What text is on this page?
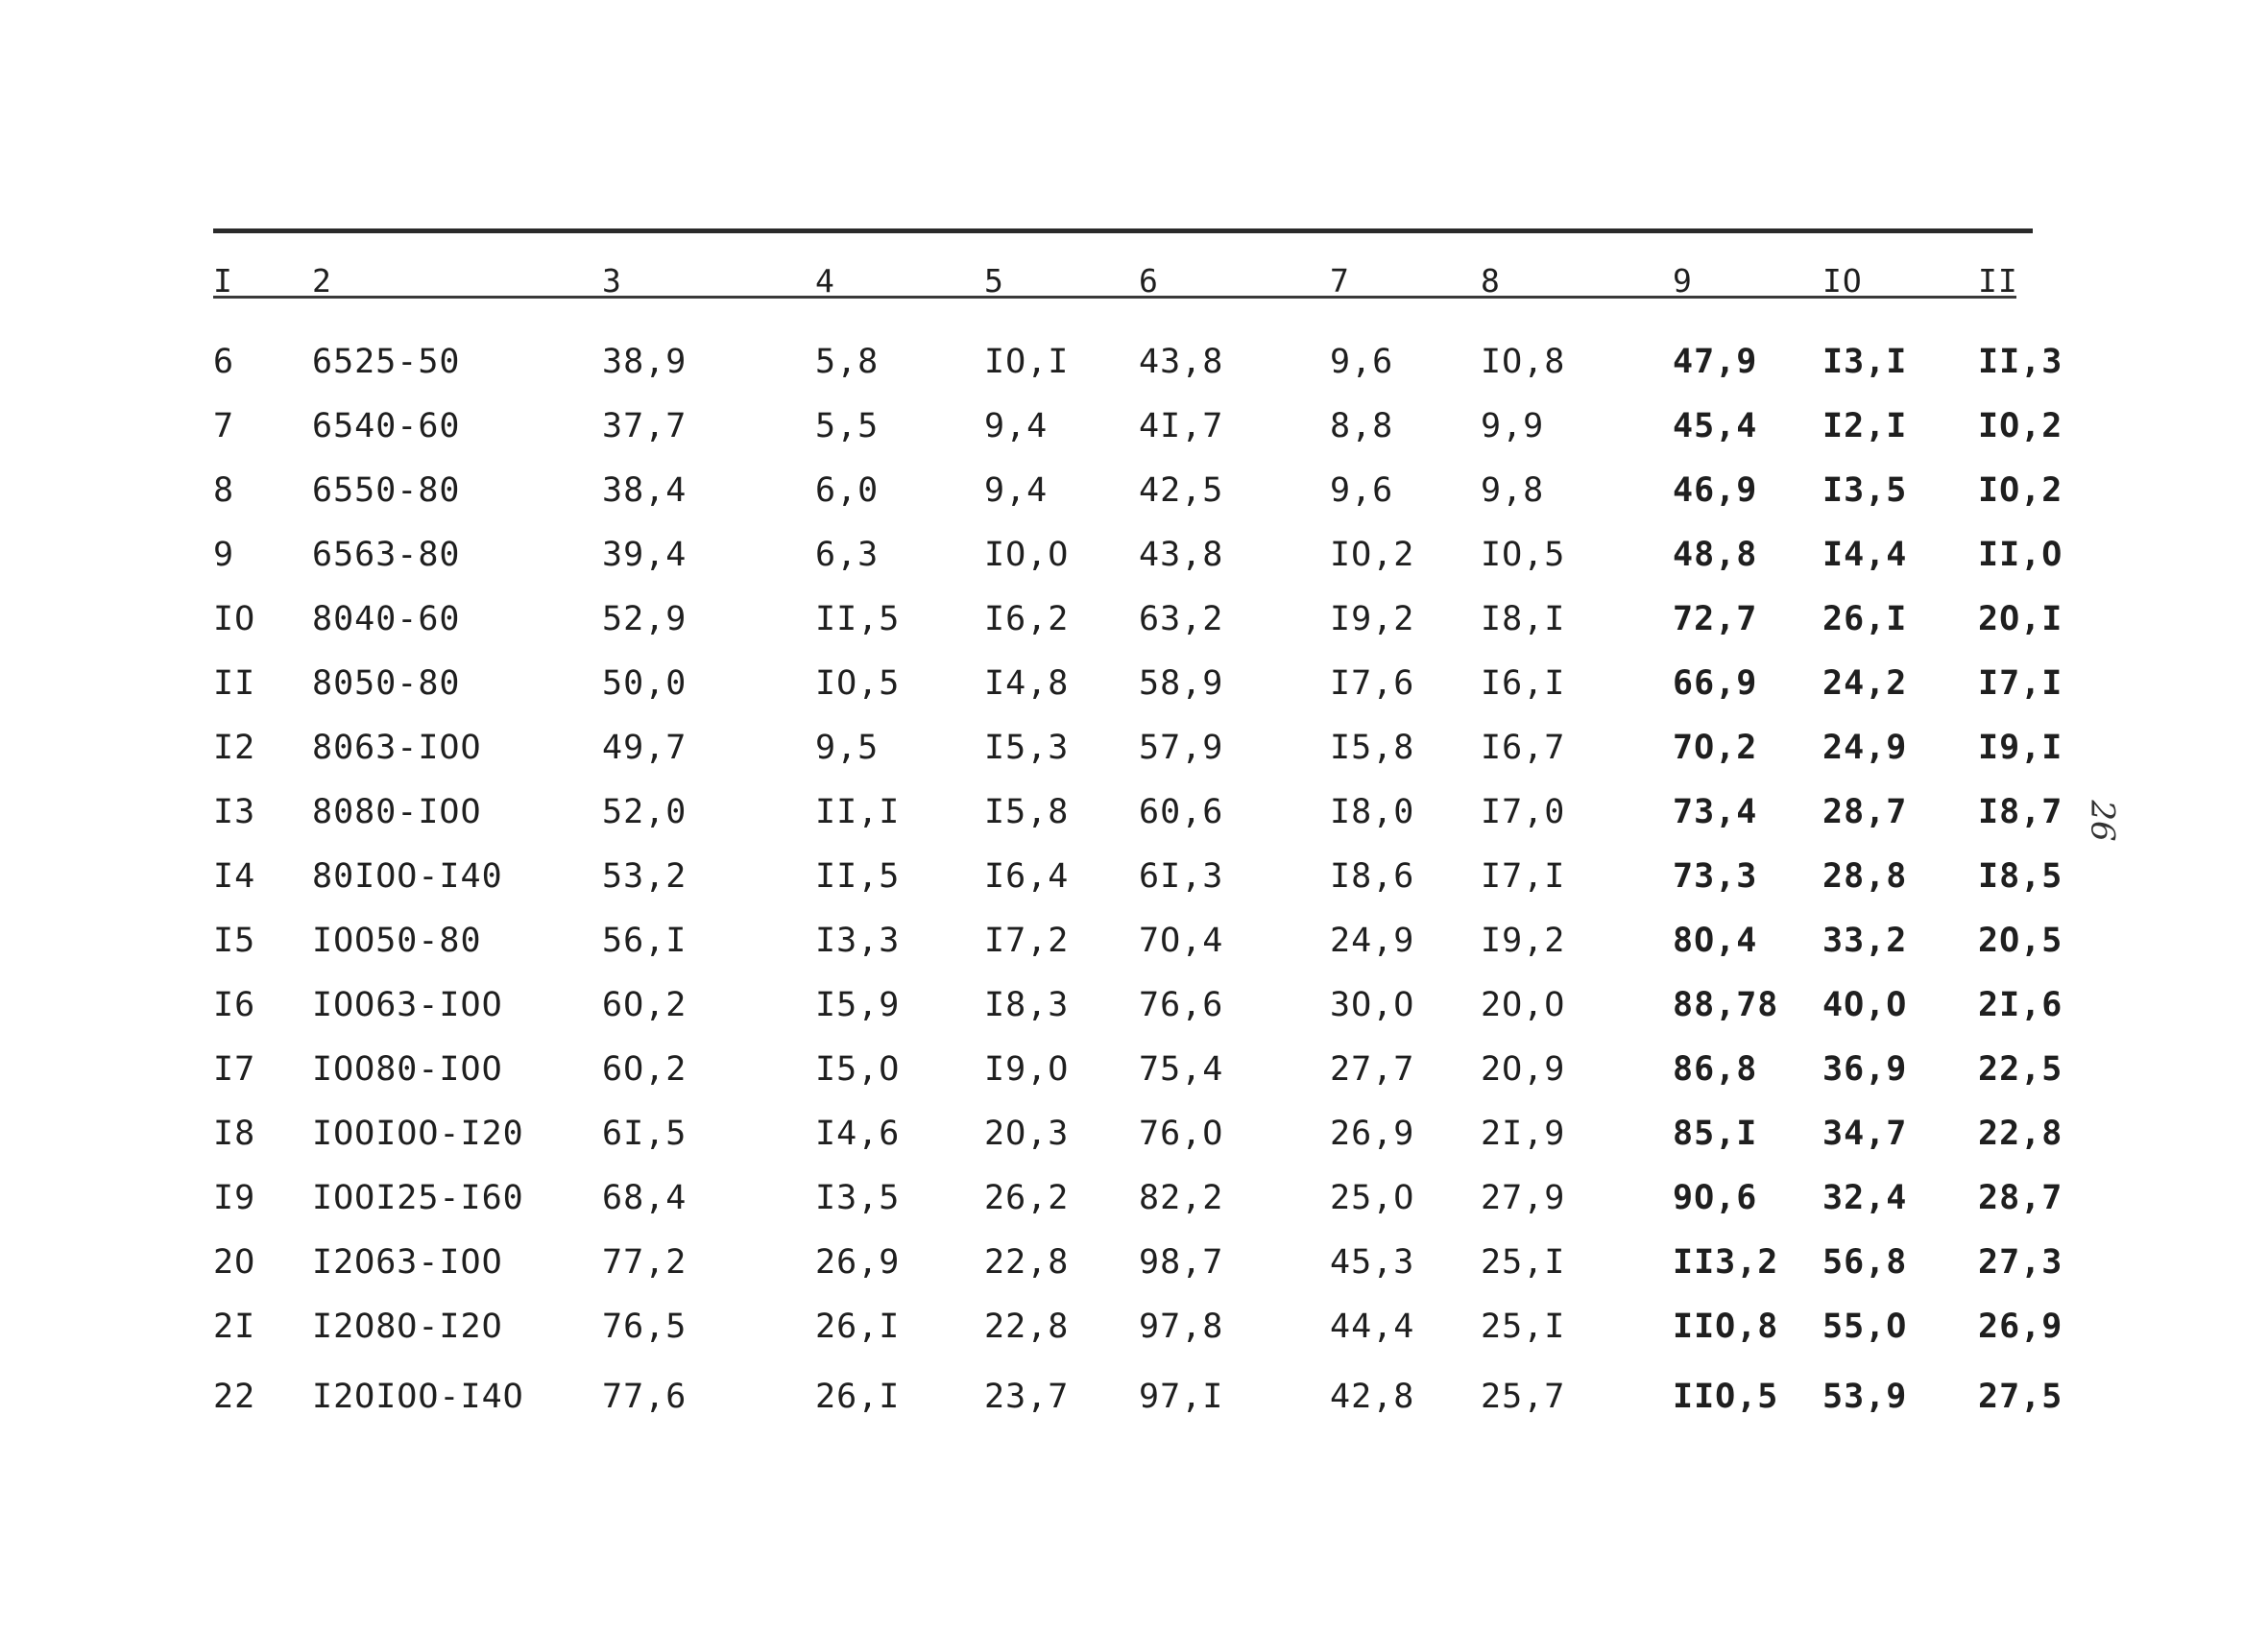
I 2	3	4	5	6	7	8	9	IO	II
6 6525-50	38,9	5,8	IO,I 43,8	9,6	IO,8	47,9 I3,I II,3
7 6540-60	37,7	5,5	9,4	4I,7	8,8	9,9	45,4 I2,I IO,2
8 6550-80	38,4	6,0	9,4	42,5	9,6	9,8	46,9 I3,5 IO,2
9 6563-80	39,4	6,3	IO,O 43,8	IO,2 IO,5	48,8 I4,4 II,O
IO 8040-60	52,9	II,5	I6,2 63,2	I9,2 I8,I	72,7 26,I 2O,I
II 8050-80	50,0	IO,5	I4,8 58,9	I7,6 I6,I	66,9 24,2 I7,I
I2 8063-IOO	49,7	9,5	I5,3 57,9	I5,8 I6,7	7O,2 24,9 I9,I
I3 8080-IOO	52,0	II,I	I5,8 60,6	I8,0 I7,0	73,4 28,7 I8,7
I4 80IOO-I40	53,2	II,5	I6,4 6I,3	I8,6 I7,I	73,3 28,8 I8,5
I5 IOO50-80	56,I	I3,3	I7,2 7O,4	24,9 I9,2	8O,4 33,2 2O,5
I6 IOO63-IOO	6O,2	I5,9	I8,3 76,6	3O,O 2O,O	88,78 4O,O 2I,6
I7 IOO80-IOO	6O,2	I5,O	I9,O 75,4	27,7 2O,9	86,8 36,9 22,5
I8 IOOIOO-I20 6I,5	I4,6	2O,3 76,O	26,9 2I,9	85,I 34,7 22,8
I9 IOOI25-I60 68,4	I3,5	26,2 82,2	25,O 27,9	9O,6 32,4 28,7
2O I2O63-IOO	77,2	26,9	22,8 98,7	45,3 25,I	II3,2 56,8 27,3
2I I2O8O-I2O	76,5	26,I	22,8 97,8	44,4 25,I	IIO,8 55,O 26,9
22 I2OIOO-I4O 77,6	26,I	23,7 97,I	42,8 25,7	IIO,5 53,9 27,5
26
